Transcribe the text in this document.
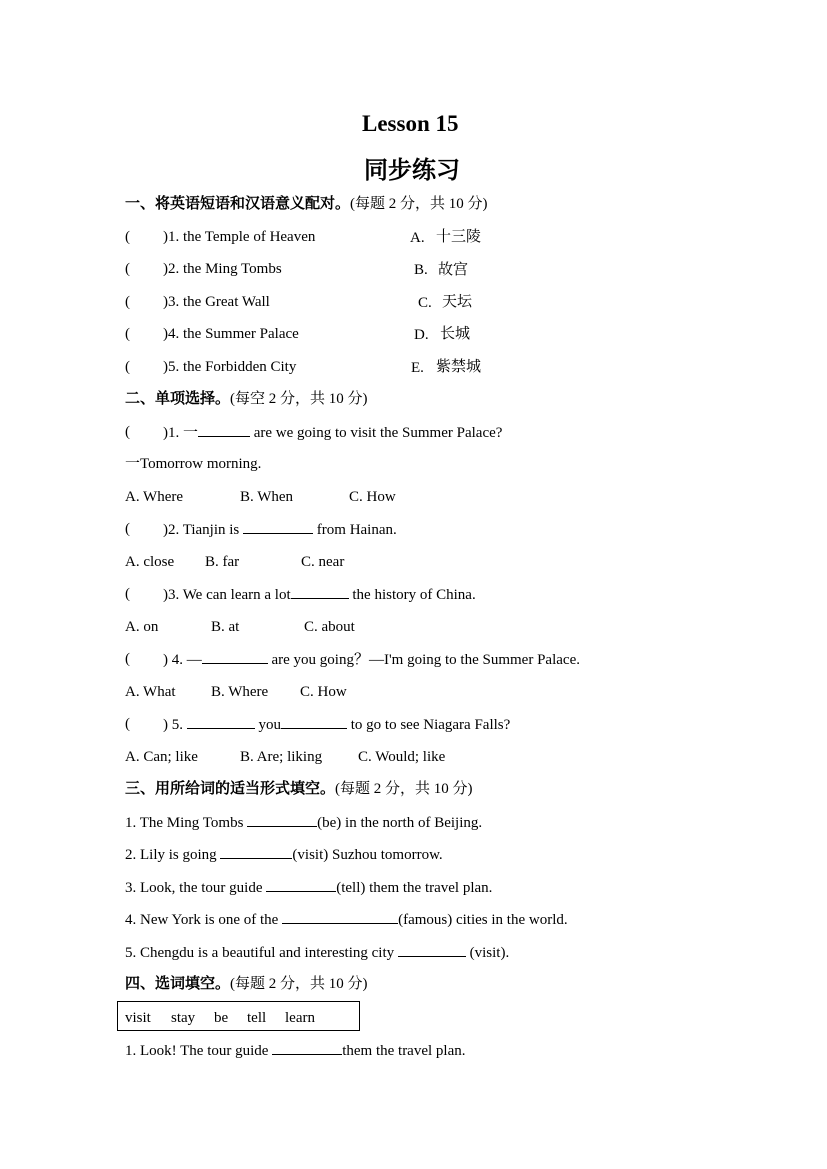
Lesson 15
同步练习
一、将英语短语和汉语意义配对。(每题 2 分，共 10 分)
( )1. the Temple of Heaven	A. 十三陵
( )2. the Ming Tombs	B. 故宫
( )3. the Great Wall	C. 天坛
( )4. the Summer Palace	D. 长城
( )5. the Forbidden City	E. 紫禁城
二、单项选择。(每空 2 分，共 10 分)
( )1. 一	are we going to visit the Summer Palace?
一Tomorrow morning.
A. Where	B. When	C. How
( )2. Tianjin is	from Hainan.
A. close B. far	C. near
( )3. We can learn a lot	the history of China.
A. on	B. at	C. about
( ) 4. —	are you going？—I'm going to the Summer Palace.
A. What B. Where C. How
( ) 5.	you	to go to see Niagara Falls?
A. Can; like	B. Are; liking C. Would; like
三、用所给词的适当形式填空。(每题 2 分，共 10 分)
1. The Ming Tombs	(be) in the north of Beijing.
2. Lily is going	(visit) Suzhou tomorrow.
3. Look, the tour guide	(tell) them the travel plan.
4. New York is one of the	(famous) cities in the world.
5. Chengdu is a beautiful and interesting city	(visit).
四、选词填空。(每题 2 分，共 10 分)
visit stay be tell learn
1. Look! The tour guide	them the travel plan.
